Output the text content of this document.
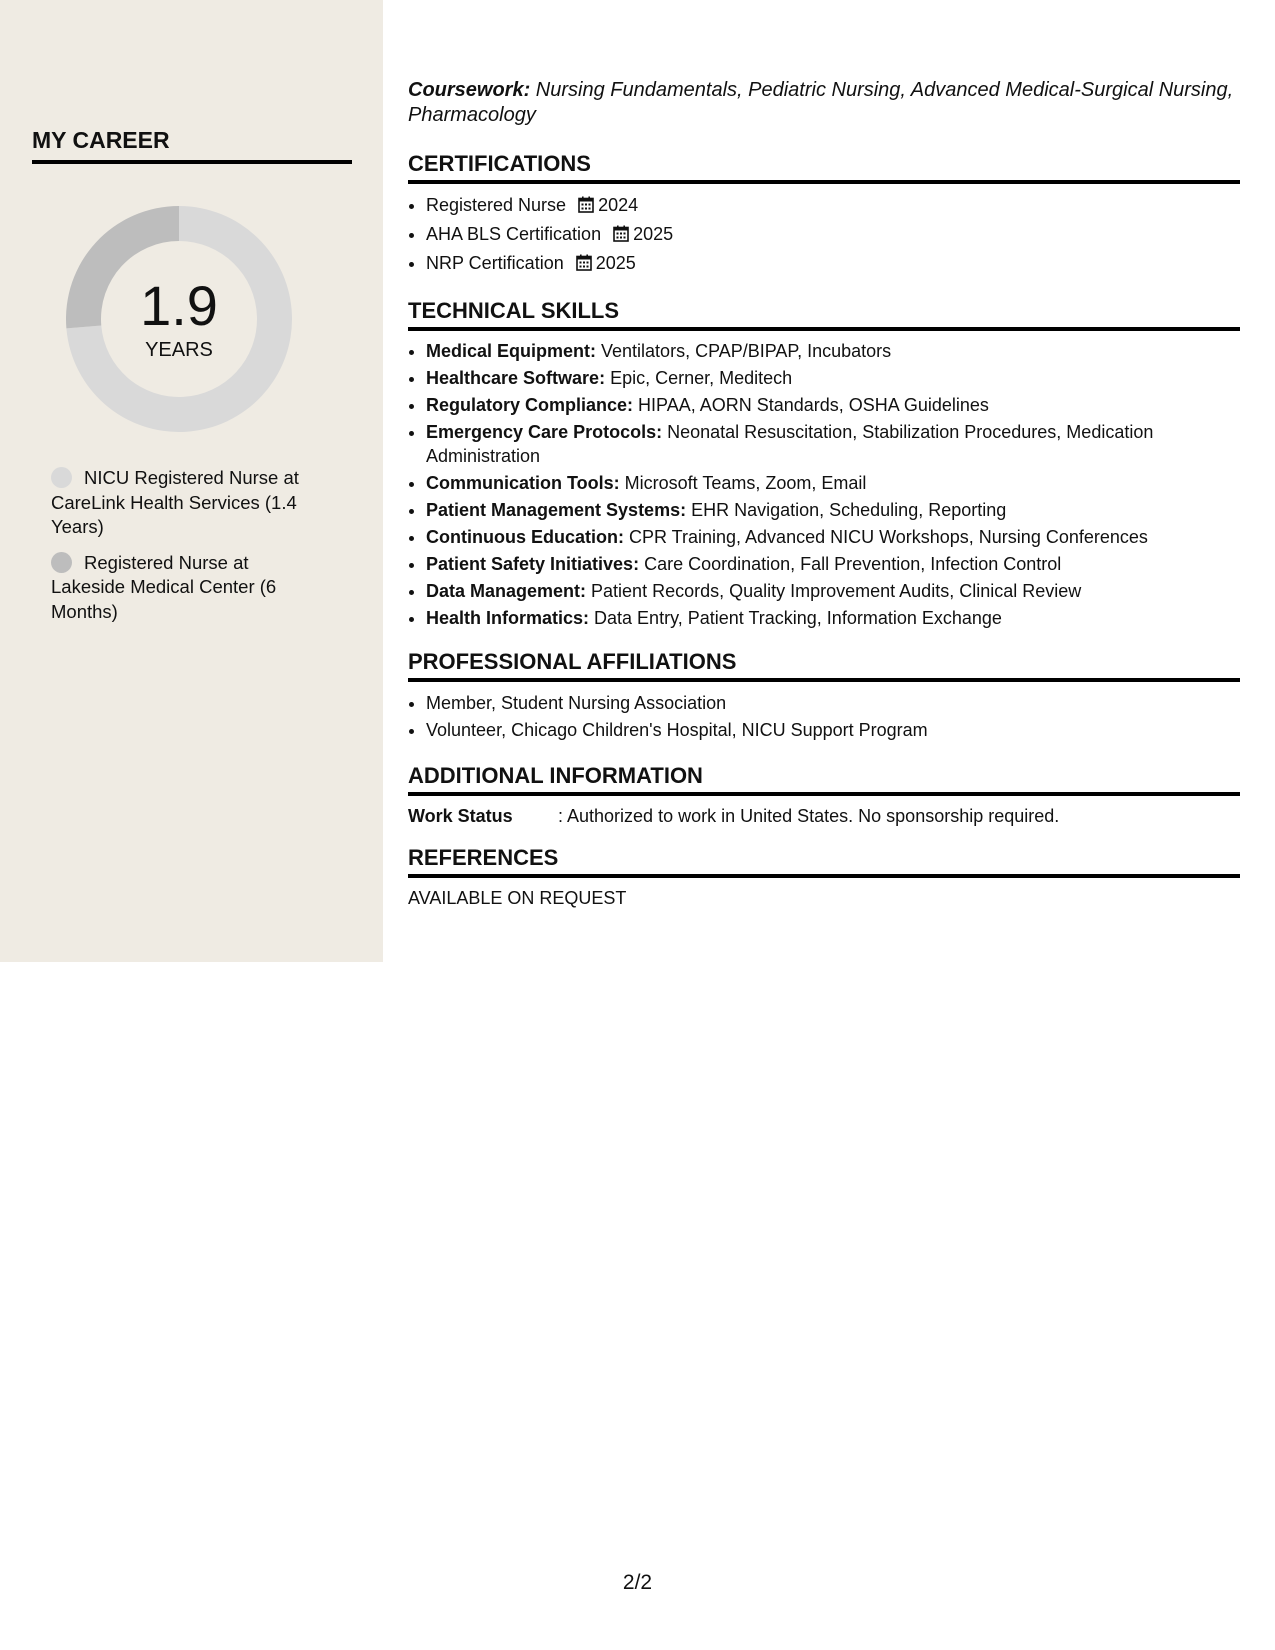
MY CAREER
1.9
YEARS
NICU Registered Nurse at CareLink Health Services (1.4 Years)
Registered Nurse at Lakeside Medical Center (6 Months)
Coursework: Nursing Fundamentals, Pediatric Nursing, Advanced Medical-Surgical Nursing, Pharmacology
CERTIFICATIONS
• Registered Nurse 2024
• AHA BLS Certification 2025
• NRP Certification 2025
TECHNICAL SKILLS
• Medical Equipment: Ventilators, CPAP/BIPAP, Incubators
• Healthcare Software: Epic, Cerner, Meditech
• Regulatory Compliance: HIPAA, AORN Standards, OSHA Guidelines
• Emergency Care Protocols: Neonatal Resuscitation, Stabilization Procedures, Medication Administration
• Communication Tools: Microsoft Teams, Zoom, Email
• Patient Management Systems: EHR Navigation, Scheduling, Reporting
• Continuous Education: CPR Training, Advanced NICU Workshops, Nursing Conferences
• Patient Safety Initiatives: Care Coordination, Fall Prevention, Infection Control
• Data Management: Patient Records, Quality Improvement Audits, Clinical Review
• Health Informatics: Data Entry, Patient Tracking, Information Exchange
PROFESSIONAL AFFILIATIONS
• Member, Student Nursing Association
• Volunteer, Chicago Children's Hospital, NICU Support Program
ADDITIONAL INFORMATION
Work Status	: Authorized to work in United States. No sponsorship required.
REFERENCES
AVAILABLE ON REQUEST
2/2
